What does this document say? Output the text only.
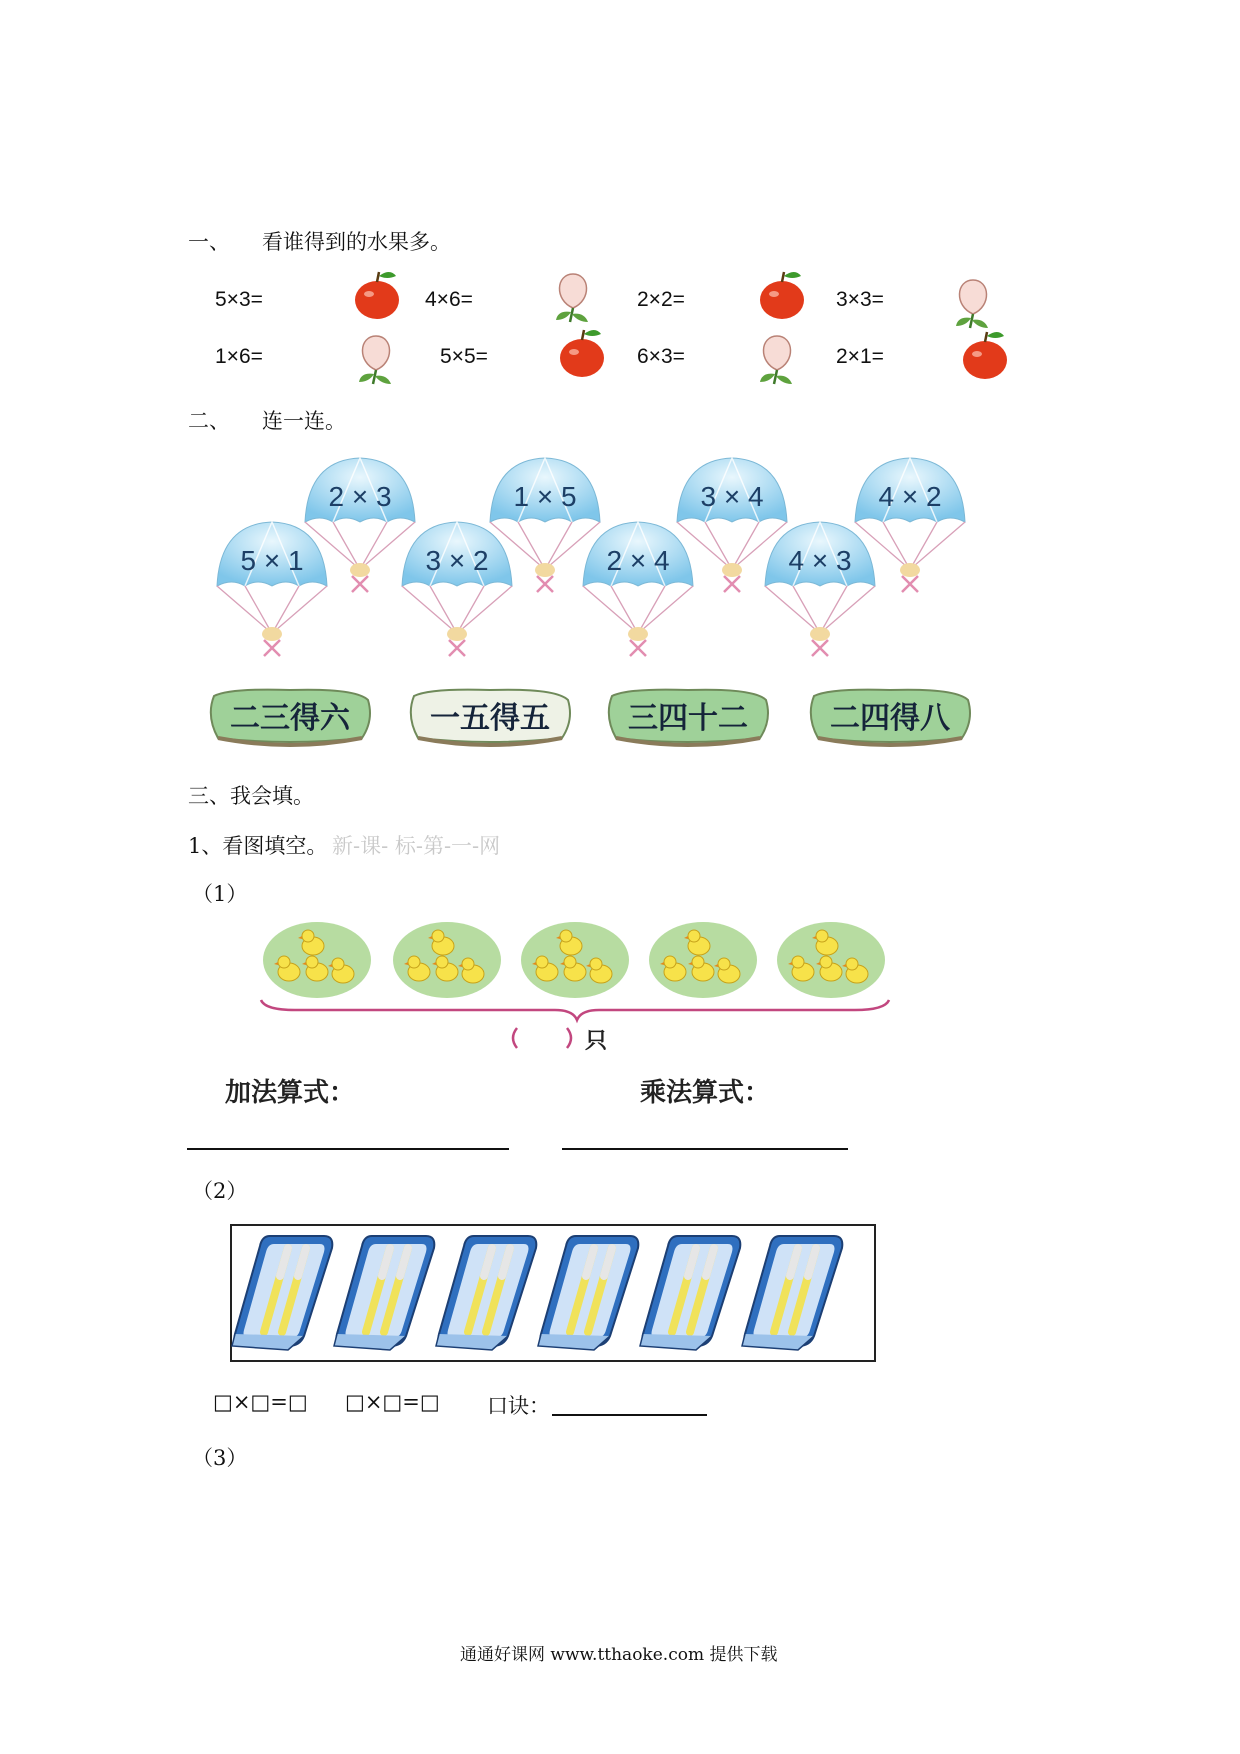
一、 看谁得到的水果多。
5×3=	4×6=	2×2=	3×3=
1×6=	5×5=	6×3=	2×1=
二、 连一连。
2 × 3	1 × 5	3 × 4	4 × 2
5 × 1	3 × 2	2 × 4	4 × 3
二三得六	一五得五	三四十二	二四得八
三、我会填。
1、看图填空。 新-课- 标-第-一-网
（1）
只
加法算式：	乘法算式：
（2）
□×□=□ □×□=□ 口诀：
（3）
通通好课网 www.tthaoke.com 提供下载
